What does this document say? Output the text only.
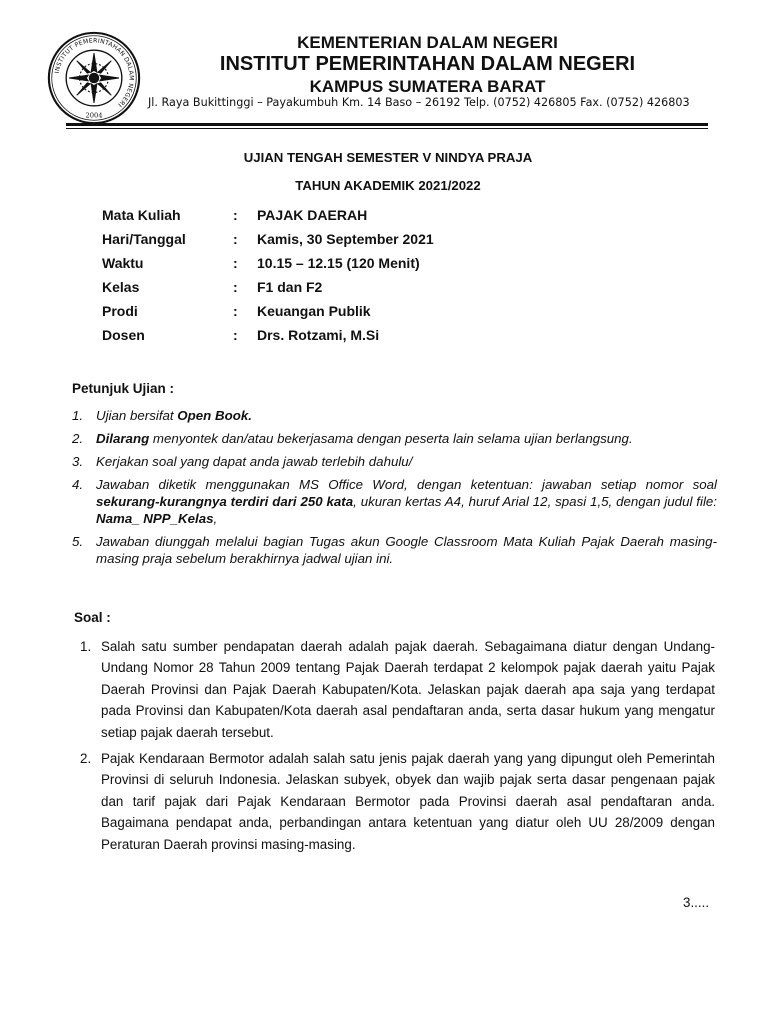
INSTITUT PEMERINTAHAN DALAM NEGERI
2004
KEMENTERIAN DALAM NEGERI
INSTITUT PEMERINTAHAN DALAM NEGERI
KAMPUS SUMATERA BARAT
Jl. Raya Bukittinggi – Payakumbuh Km. 14 Baso – 26192 Telp. (0752) 426805 Fax. (0752) 426803
UJIAN TENGAH SEMESTER V NINDYA PRAJA
TAHUN AKADEMIK 2021/2022
Mata Kuliah	: PAJAK DAERAH
Hari/Tanggal	: Kamis, 30 September 2021
Waktu	: 10.15 – 12.15 (120 Menit)
Kelas	: F1 dan F2
Prodi	: Keuangan Publik
Dosen	: Drs. Rotzami, M.Si
Petunjuk Ujian :
1. Ujian bersifat Open Book.
2. Dilarang menyontek dan/atau bekerjasama dengan peserta lain selama ujian berlangsung.
3. Kerjakan soal yang dapat anda jawab terlebih dahulu/
4. Jawaban diketik menggunakan MS Office Word, dengan ketentuan: jawaban setiap nomor soal sekurang-kurangnya terdiri dari 250 kata, ukuran kertas A4, huruf Arial 12, spasi 1,5, dengan judul file: Nama_ NPP_Kelas,
5. Jawaban diunggah melalui bagian Tugas akun Google Classroom Mata Kuliah Pajak Daerah masing-masing praja sebelum berakhirnya jadwal ujian ini.
Soal :
1. Salah satu sumber pendapatan daerah adalah pajak daerah. Sebagaimana diatur dengan Undang-Undang Nomor 28 Tahun 2009 tentang Pajak Daerah terdapat 2 kelompok pajak daerah yaitu Pajak Daerah Provinsi dan Pajak Daerah Kabupaten/Kota. Jelaskan pajak daerah apa saja yang terdapat pada Provinsi dan Kabupaten/Kota daerah asal pendaftaran anda, serta dasar hukum yang mengatur setiap pajak daerah tersebut.
2. Pajak Kendaraan Bermotor adalah salah satu jenis pajak daerah yang yang dipungut oleh Pemerintah Provinsi di seluruh Indonesia. Jelaskan subyek, obyek dan wajib pajak serta dasar pengenaan pajak dan tarif pajak dari Pajak Kendaraan Bermotor pada Provinsi daerah asal pendaftaran anda. Bagaimana pendapat anda, perbandingan antara ketentuan yang diatur oleh UU 28/2009 dengan Peraturan Daerah provinsi masing-masing.
3.....
